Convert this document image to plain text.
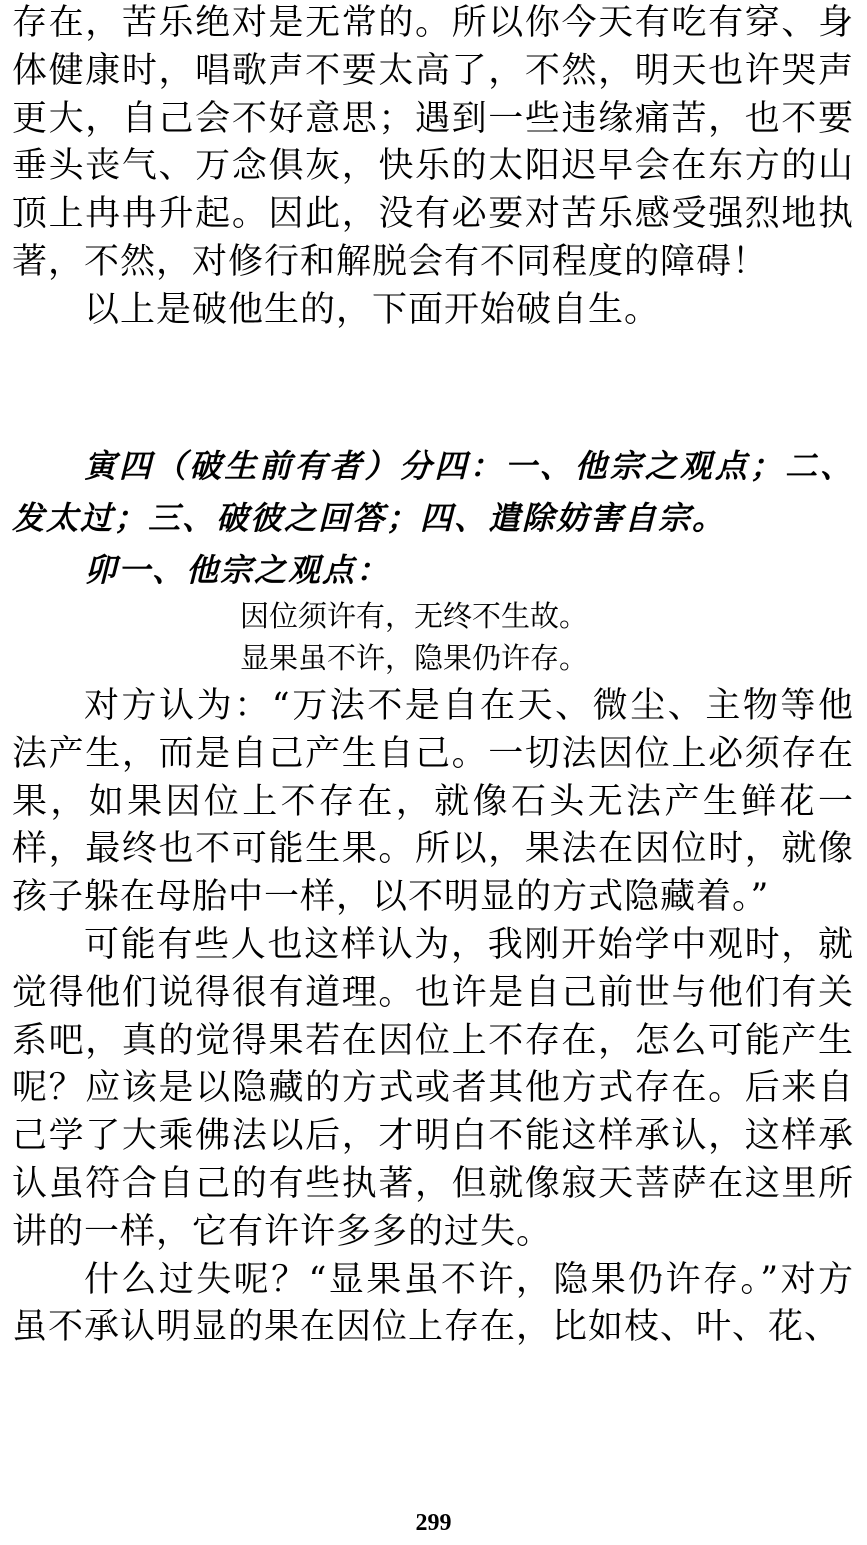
存在，苦乐绝对是无常的。所以你今天有吃有穿、身体健康时，唱歌声不要太高了，不然，明天也许哭声更大，自己会不好意思；遇到一些违缘痛苦，也不要垂头丧气、万念俱灰，快乐的太阳迟早会在东方的山顶上冉冉升起。因此，没有必要对苦乐感受强烈地执著，不然，对修行和解脱会有不同程度的障碍！

以上是破他生的，下面开始破自生。

寅四（破生前有者）分四：一、他宗之观点；二、发太过；三、破彼之回答；四、遣除妨害自宗。

卯一、他宗之观点：

因位须许有，无终不生故。

显果虽不许，隐果仍许存。

对方认为：“万法不是自在天、微尘、主物等他法产生，而是自己产生自己。一切法因位上必须存在果，如果因位上不存在，就像石头无法产生鲜花一样，最终也不可能生果。所以，果法在因位时，就像孩子躲在母胎中一样，以不明显的方式隐藏着。”

可能有些人也这样认为，我刚开始学中观时，就觉得他们说得很有道理。也许是自己前世与他们有关系吧，真的觉得果若在因位上不存在，怎么可能产生呢？应该是以隐藏的方式或者其他方式存在。后来自己学了大乘佛法以后，才明白不能这样承认，这样承认虽符合自己的有些执著，但就像寂天菩萨在这里所讲的一样，它有许许多多的过失。

什么过失呢？“显果虽不许，隐果仍许存。”对方虽不承认明显的果在因位上存在，比如枝、叶、花、

299
